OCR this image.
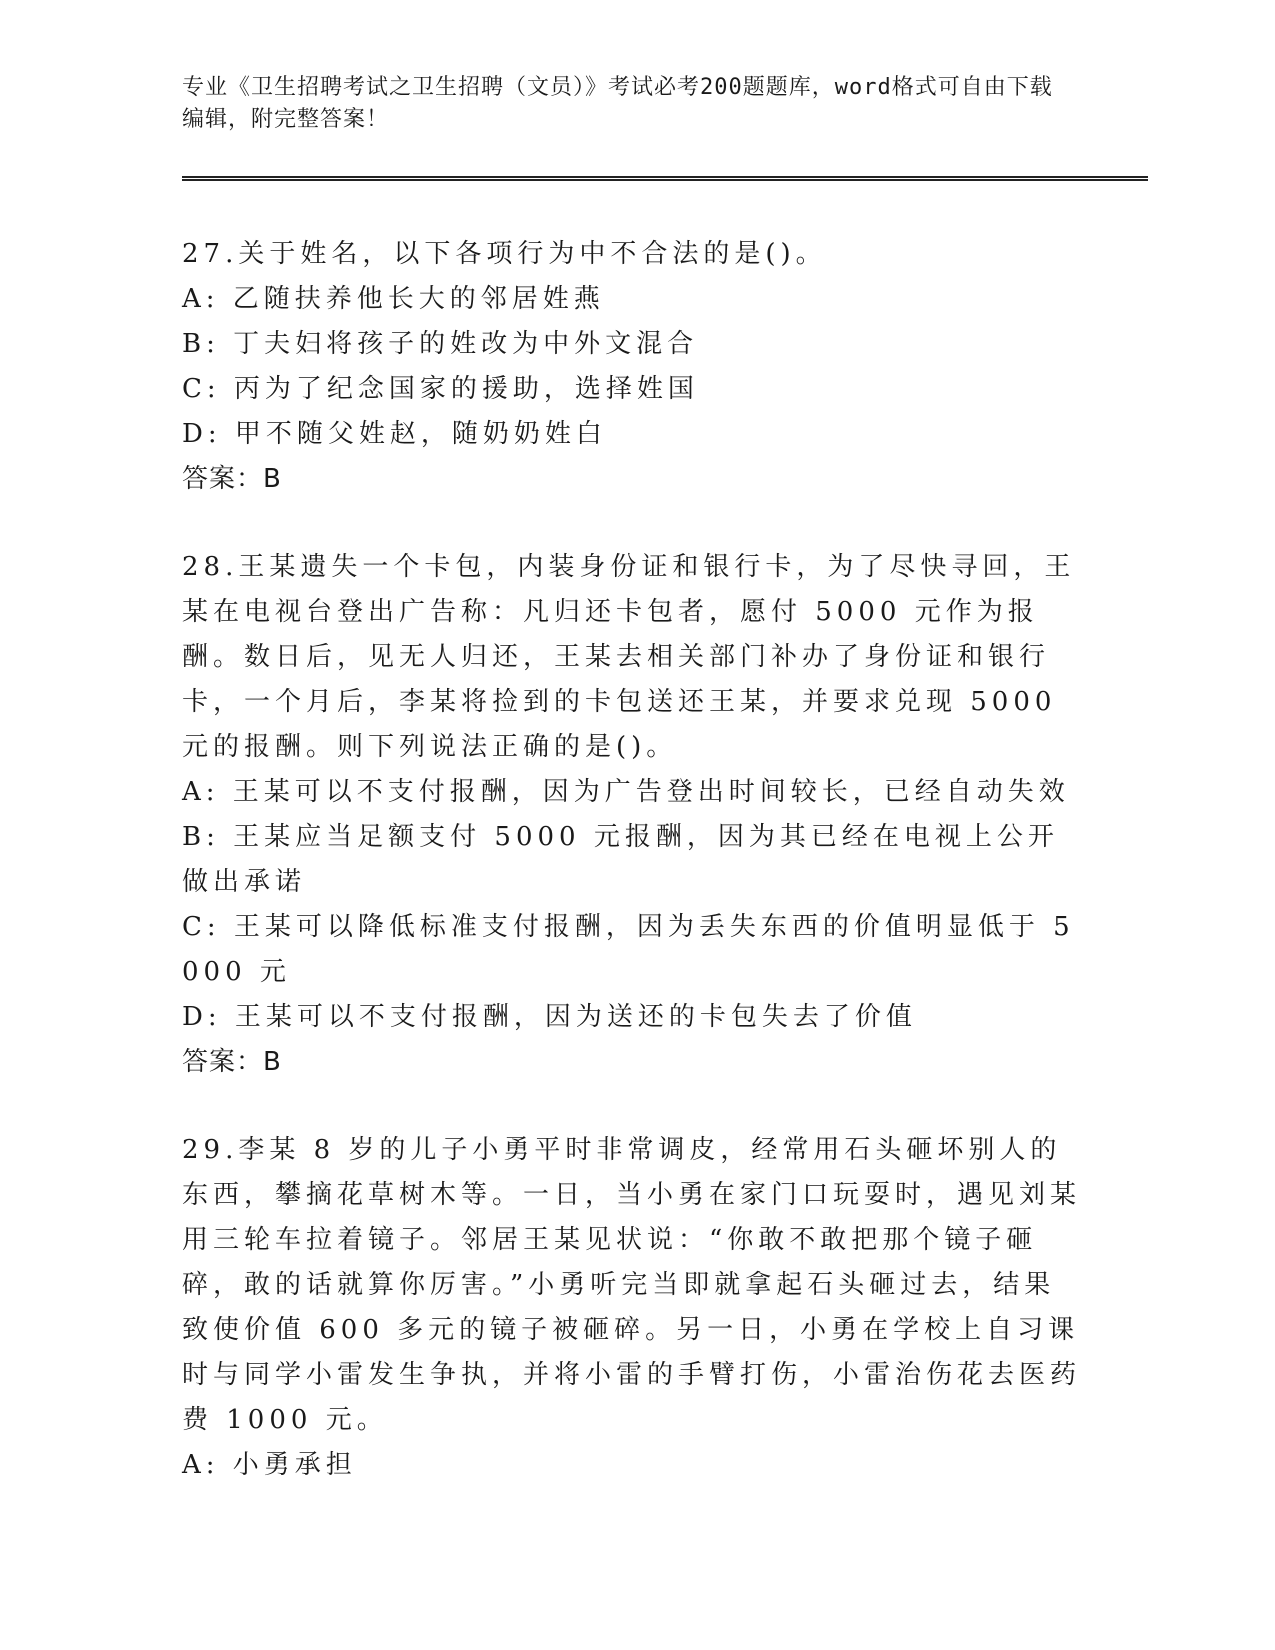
专业《卫生招聘考试之卫生招聘（文员）》考试必考200题题库，word格式可自由下载编辑，附完整答案！

27.关于姓名，以下各项行为中不合法的是()。

A: 乙随扶养他长大的邻居姓燕

B: 丁夫妇将孩子的姓改为中外文混合

C: 丙为了纪念国家的援助，选择姓国

D: 甲不随父姓赵，随奶奶姓白

答案：B

28.王某遗失一个卡包，内装身份证和银行卡，为了尽快寻回，王某在电视台登出广告称：凡归还卡包者，愿付 5000 元作为报酬。数日后，见无人归还，王某去相关部门补办了身份证和银行卡，一个月后，李某将捡到的卡包送还王某，并要求兑现 5000 元的报酬。则下列说法正确的是()。

A: 王某可以不支付报酬，因为广告登出时间较长，已经自动失效

B: 王某应当足额支付 5000 元报酬，因为其已经在电视上公开做出承诺

C: 王某可以降低标准支付报酬，因为丢失东西的价值明显低于 5000 元

D: 王某可以不支付报酬，因为送还的卡包失去了价值

答案：B

29.李某 8 岁的儿子小勇平时非常调皮，经常用石头砸坏别人的东西，攀摘花草树木等。一日，当小勇在家门口玩耍时，遇见刘某用三轮车拉着镜子。邻居王某见状说：“你敢不敢把那个镜子砸碎，敢的话就算你厉害。”小勇听完当即就拿起石头砸过去，结果致使价值 600 多元的镜子被砸碎。另一日，小勇在学校上自习课时与同学小雷发生争执，并将小雷的手臂打伤，小雷治伤花去医药费 1000 元。

A: 小勇承担
